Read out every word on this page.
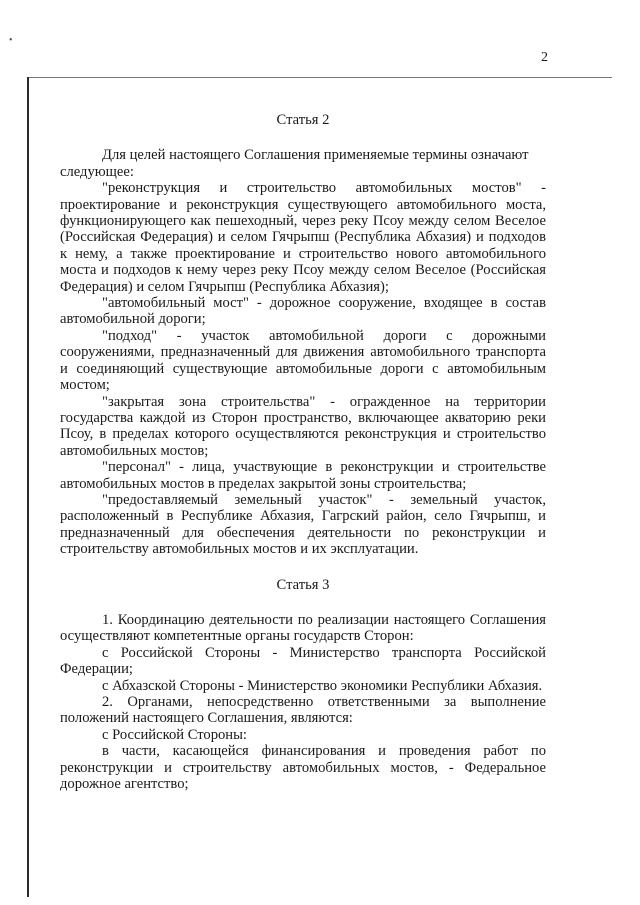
2
•
Статья 2

Для целей настоящего Соглашения применяемые термины означают

следующее:

"реконструкция и строительство автомобильных мостов" - проектирование и реконструкция существующего автомобильного моста, функционирующего как пешеходный, через реку Псоу между селом Веселое (Российская Федерация) и селом Гячрыпш (Республика Абхазия) и подходов к нему, а также проектирование и строительство нового автомобильного моста и подходов к нему через реку Псоу между селом Веселое (Российская Федерация) и селом Гячрыпш (Республика Абхазия);

"автомобильный мост" - дорожное сооружение, входящее в состав автомобильной дороги;

"подход" - участок автомобильной дороги с дорожными сооружениями, предназначенный для движения автомобильного транспорта и соединяющий существующие автомобильные дороги с автомобильным мостом;

"закрытая зона строительства" - огражденное на территории государства каждой из Сторон пространство, включающее акваторию реки Псоу, в пределах которого осуществляются реконструкция и строительство автомобильных мостов;

"персонал" - лица, участвующие в реконструкции и строительстве автомобильных мостов в пределах закрытой зоны строительства;

"предоставляемый земельный участок" - земельный участок, расположенный в Республике Абхазия, Гагрский район, село Гячрыпш, и предназначенный для обеспечения деятельности по реконструкции и строительству автомобильных мостов и их эксплуатации.

Статья 3

1. Координацию деятельности по реализации настоящего Соглашения осуществляют компетентные органы государств Сторон:

с Российской Стороны - Министерство транспорта Российской Федерации;

с Абхазской Стороны - Министерство экономики Республики Абхазия.

2. Органами, непосредственно ответственными за выполнение положений настоящего Соглашения, являются:

с Российской Стороны:

в части, касающейся финансирования и проведения работ по реконструкции и строительству автомобильных мостов, - Федеральное дорожное агентство;
